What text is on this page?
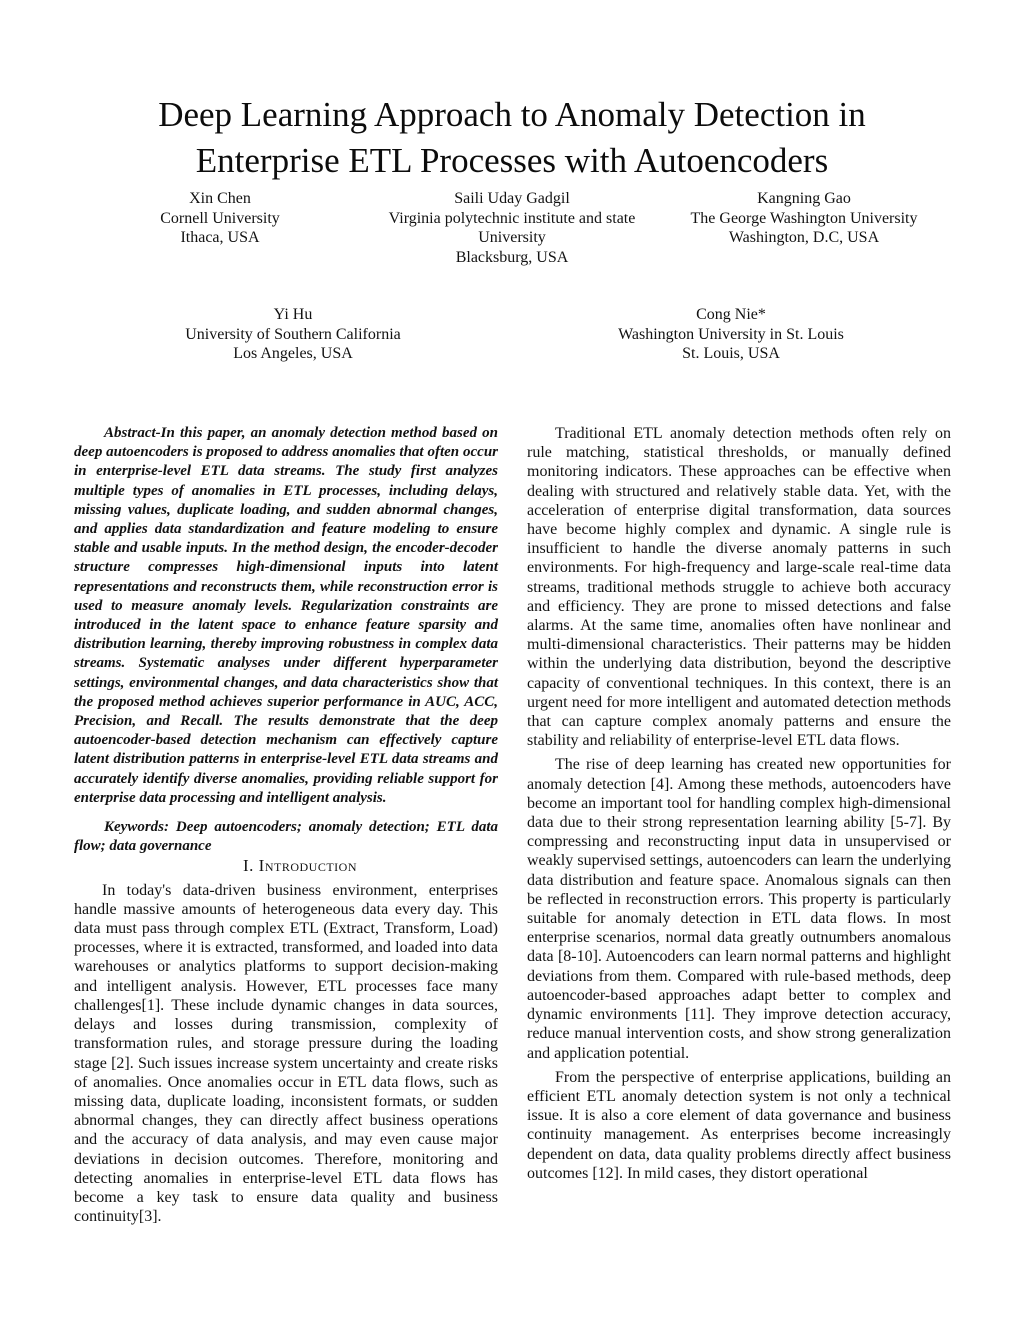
Deep Learning Approach to Anomaly Detection in
Enterprise ETL Processes with Autoencoders
Xin Chen
Cornell University
Ithaca, USA
Saili Uday Gadgil
Virginia polytechnic institute and state University
Blacksburg, USA
Kangning Gao
The George Washington University
Washington, D.C, USA
Yi Hu
University of Southern California
Los Angeles, USA
Cong Nie*
Washington University in St. Louis
St. Louis, USA

Abstract-In this paper, an anomaly detection method based on deep autoencoders is proposed to address anomalies that often occur in enterprise-level ETL data streams. The study first analyzes multiple types of anomalies in ETL processes, including delays, missing values, duplicate loading, and sudden abnormal changes, and applies data standardization and feature modeling to ensure stable and usable inputs. In the method design, the encoder-decoder structure compresses high-dimensional inputs into latent representations and reconstructs them, while reconstruction error is used to measure anomaly levels. Regularization constraints are introduced in the latent space to enhance feature sparsity and distribution learning, thereby improving robustness in complex data streams. Systematic analyses under different hyperparameter settings, environmental changes, and data characteristics show that the proposed method achieves superior performance in AUC, ACC, Precision, and Recall. The results demonstrate that the deep autoencoder-based detection mechanism can effectively capture latent distribution patterns in enterprise-level ETL data streams and accurately identify diverse anomalies, providing reliable support for enterprise data processing and intelligent analysis.

Keywords: Deep autoencoders; anomaly detection; ETL data flow; data governance

I. Introduction

In today's data-driven business environment, enterprises handle massive amounts of heterogeneous data every day. This data must pass through complex ETL (Extract, Transform, Load) processes, where it is extracted, transformed, and loaded into data warehouses or analytics platforms to support decision-making and intelligent analysis. However, ETL processes face many challenges[1]. These include dynamic changes in data sources, delays and losses during transmission, complexity of transformation rules, and storage pressure during the loading stage [2]. Such issues increase system uncertainty and create risks of anomalies. Once anomalies occur in ETL data flows, such as missing data, duplicate loading, inconsistent formats, or sudden abnormal changes, they can directly affect business operations and the accuracy of data analysis, and may even cause major deviations in decision outcomes. Therefore, monitoring and detecting anomalies in enterprise-level ETL data flows has become a key task to ensure data quality and business continuity[3].

Traditional ETL anomaly detection methods often rely on rule matching, statistical thresholds, or manually defined monitoring indicators. These approaches can be effective when dealing with structured and relatively stable data. Yet, with the acceleration of enterprise digital transformation, data sources have become highly complex and dynamic. A single rule is insufficient to handle the diverse anomaly patterns in such environments. For high-frequency and large-scale real-time data streams, traditional methods struggle to achieve both accuracy and efficiency. They are prone to missed detections and false alarms. At the same time, anomalies often have nonlinear and multi-dimensional characteristics. Their patterns may be hidden within the underlying data distribution, beyond the descriptive capacity of conventional techniques. In this context, there is an urgent need for more intelligent and automated detection methods that can capture complex anomaly patterns and ensure the stability and reliability of enterprise-level ETL data flows.

The rise of deep learning has created new opportunities for anomaly detection [4]. Among these methods, autoencoders have become an important tool for handling complex high-dimensional data due to their strong representation learning ability [5-7]. By compressing and reconstructing input data in unsupervised or weakly supervised settings, autoencoders can learn the underlying data distribution and feature space. Anomalous signals can then be reflected in reconstruction errors. This property is particularly suitable for anomaly detection in ETL data flows. In most enterprise scenarios, normal data greatly outnumbers anomalous data [8-10]. Autoencoders can learn normal patterns and highlight deviations from them. Compared with rule-based methods, deep autoencoder-based approaches adapt better to complex and dynamic environments [11]. They improve detection accuracy, reduce manual intervention costs, and show strong generalization and application potential.

From the perspective of enterprise applications, building an efficient ETL anomaly detection system is not only a technical issue. It is also a core element of data governance and business continuity management. As enterprises become increasingly dependent on data, data quality problems directly affect business outcomes [12]. In mild cases, they distort operational
